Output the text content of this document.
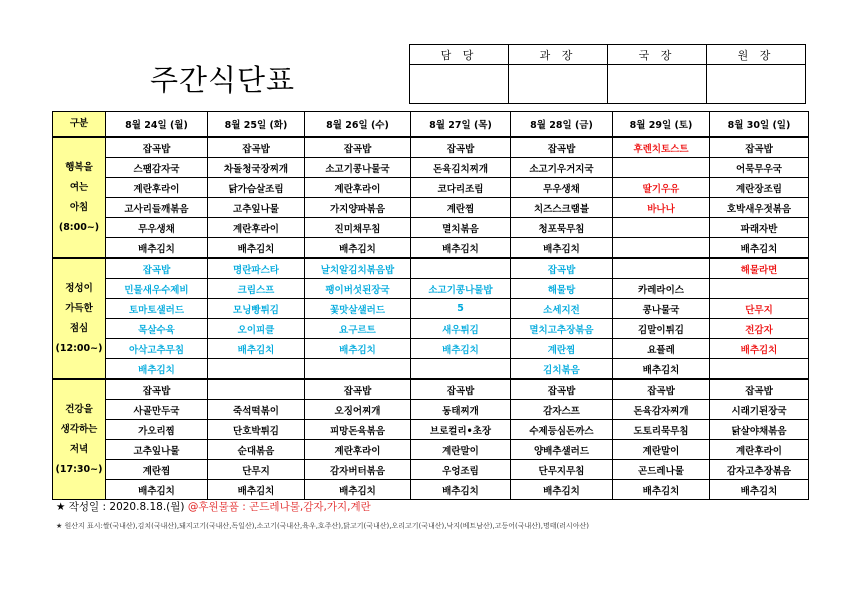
주간식단표
담 당	과 장	국 장	원 장

구분	8월 24일 (월)	8월 25일 (화)	8월 26일 (수)	8월 27일 (목)	8월 28일 (금)	8월 29일 (토)	8월 30일 (일)

행복을
여는
아침
(8:00~)	잡곡밥	잡곡밥	잡곡밥	잡곡밥	잡곡밥	후렌치토스트	잡곡밥
	스팸감자국	차돌청국장찌개	소고기콩나물국	돈육김치찌개	소고기우거지국		어묵무우국
	계란후라이	닭가슴살조림	계란후라이	코다리조림	무우생채	딸기우유	계란장조림
	고사리들깨볶음	고추잎나물	가지양파볶음	계란찜	치즈스크램블	바나나	호박새우젓볶음
	무우생채	계란후라이	진미채무침	멸치볶음	청포묵무침		파래자반
	배추김치	배추김치	배추김치	배추김치	배추김치		배추김치

정성이
가득한
점심
(12:00~)	잡곡밥	명란파스타	날치알김치볶음밥		잡곡밥		해물라면
	민물새우수제비	크림스프	팽이버섯된장국	소고기콩나물밥	해물탕	카레라이스	
	토마토샐러드	모닝빵튀김	꽃맛살샐러드	5	소세지전	콩나물국	단무지
	목살수육	오이피클	요구르트	새우튀김	멸치고추장볶음	김말이튀김	전감자
	아삭고추무침	배추김치	배추김치	배추김치	계란찜	요플레	배추김치
	배추김치				김치볶음	배추김치	

건강을
생각하는
저녁
(17:30~)	잡곡밥		잡곡밥	잡곡밥	잡곡밥	잡곡밥	잡곡밥
	사골만두국	죽석떡볶이	오징어찌개	동태찌개	감자스프	돈육감자찌개	시래기된장국
	가오리찜	단호박튀김	피망돈육볶음	브로컬리•초장	수제등심돈까스	도토리묵무침	닭살야채볶음
	고추잎나물	순대볶음	계란후라이	계란말이	양배추샐러드	계란말이	계란후라이
	계란찜	단무지	감자버터볶음	우엉조림	단무지무침	곤드레나물	감자고추장볶음
	배추김치	배추김치	배추김치	배추김치	배추김치	배추김치	배추김치
★ 작성일 : 2020.8.18.(월) @후원물품 : 곤드레나물,감자,가지,계란
★ 원산지 표시:쌀(국내산),김치(국내산),돼지고기(국내산,독일산),소고기(국내산,육우,호주산),닭고기(국내산),오리고기(국내산),낙지(베트남산),고등어(국내산),명태(러시아산)
